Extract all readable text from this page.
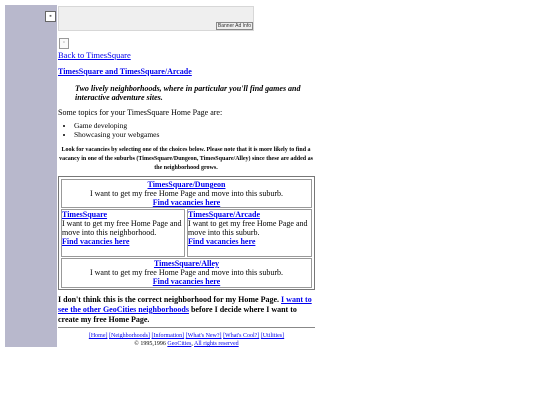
▪
Banner Ad Info
▫
Back to TimesSquare
TimesSquare and TimesSquare/Arcade
Two lively neighborhoods, where in particular you'll find games and interactive adventure sites.
Some topics for your TimesSquare Home Page are:
• Game developing
• Showcasing your webgames
Look for vacancies by selecting one of the choices below. Please note that it is more likely to find a vacancy in one of the suburbs (TimesSquare/Dungeon, TimesSquare/Alley) since these are added as the neighborhood grows.
TimesSquare/Dungeon
I want to get my free Home Page and move into this suburb.
Find vacancies here
TimesSquare
I want to get my free Home Page and move into this neighborhood.
Find vacancies here
TimesSquare/Arcade
I want to get my free Home Page and move into this suburb.
Find vacancies here
TimesSquare/Alley
I want to get my free Home Page and move into this suburb.
Find vacancies here
I don't think this is the correct neighborhood for my Home Page. I want to see the other GeoCities neighborhoods before I decide where I want to create my free Home Page.
[Home] [Neighborhoods] [Information] [What's New?] [What's Cool?] [Utilities]
© 1995,1996 GeoCities, All rights reserved
